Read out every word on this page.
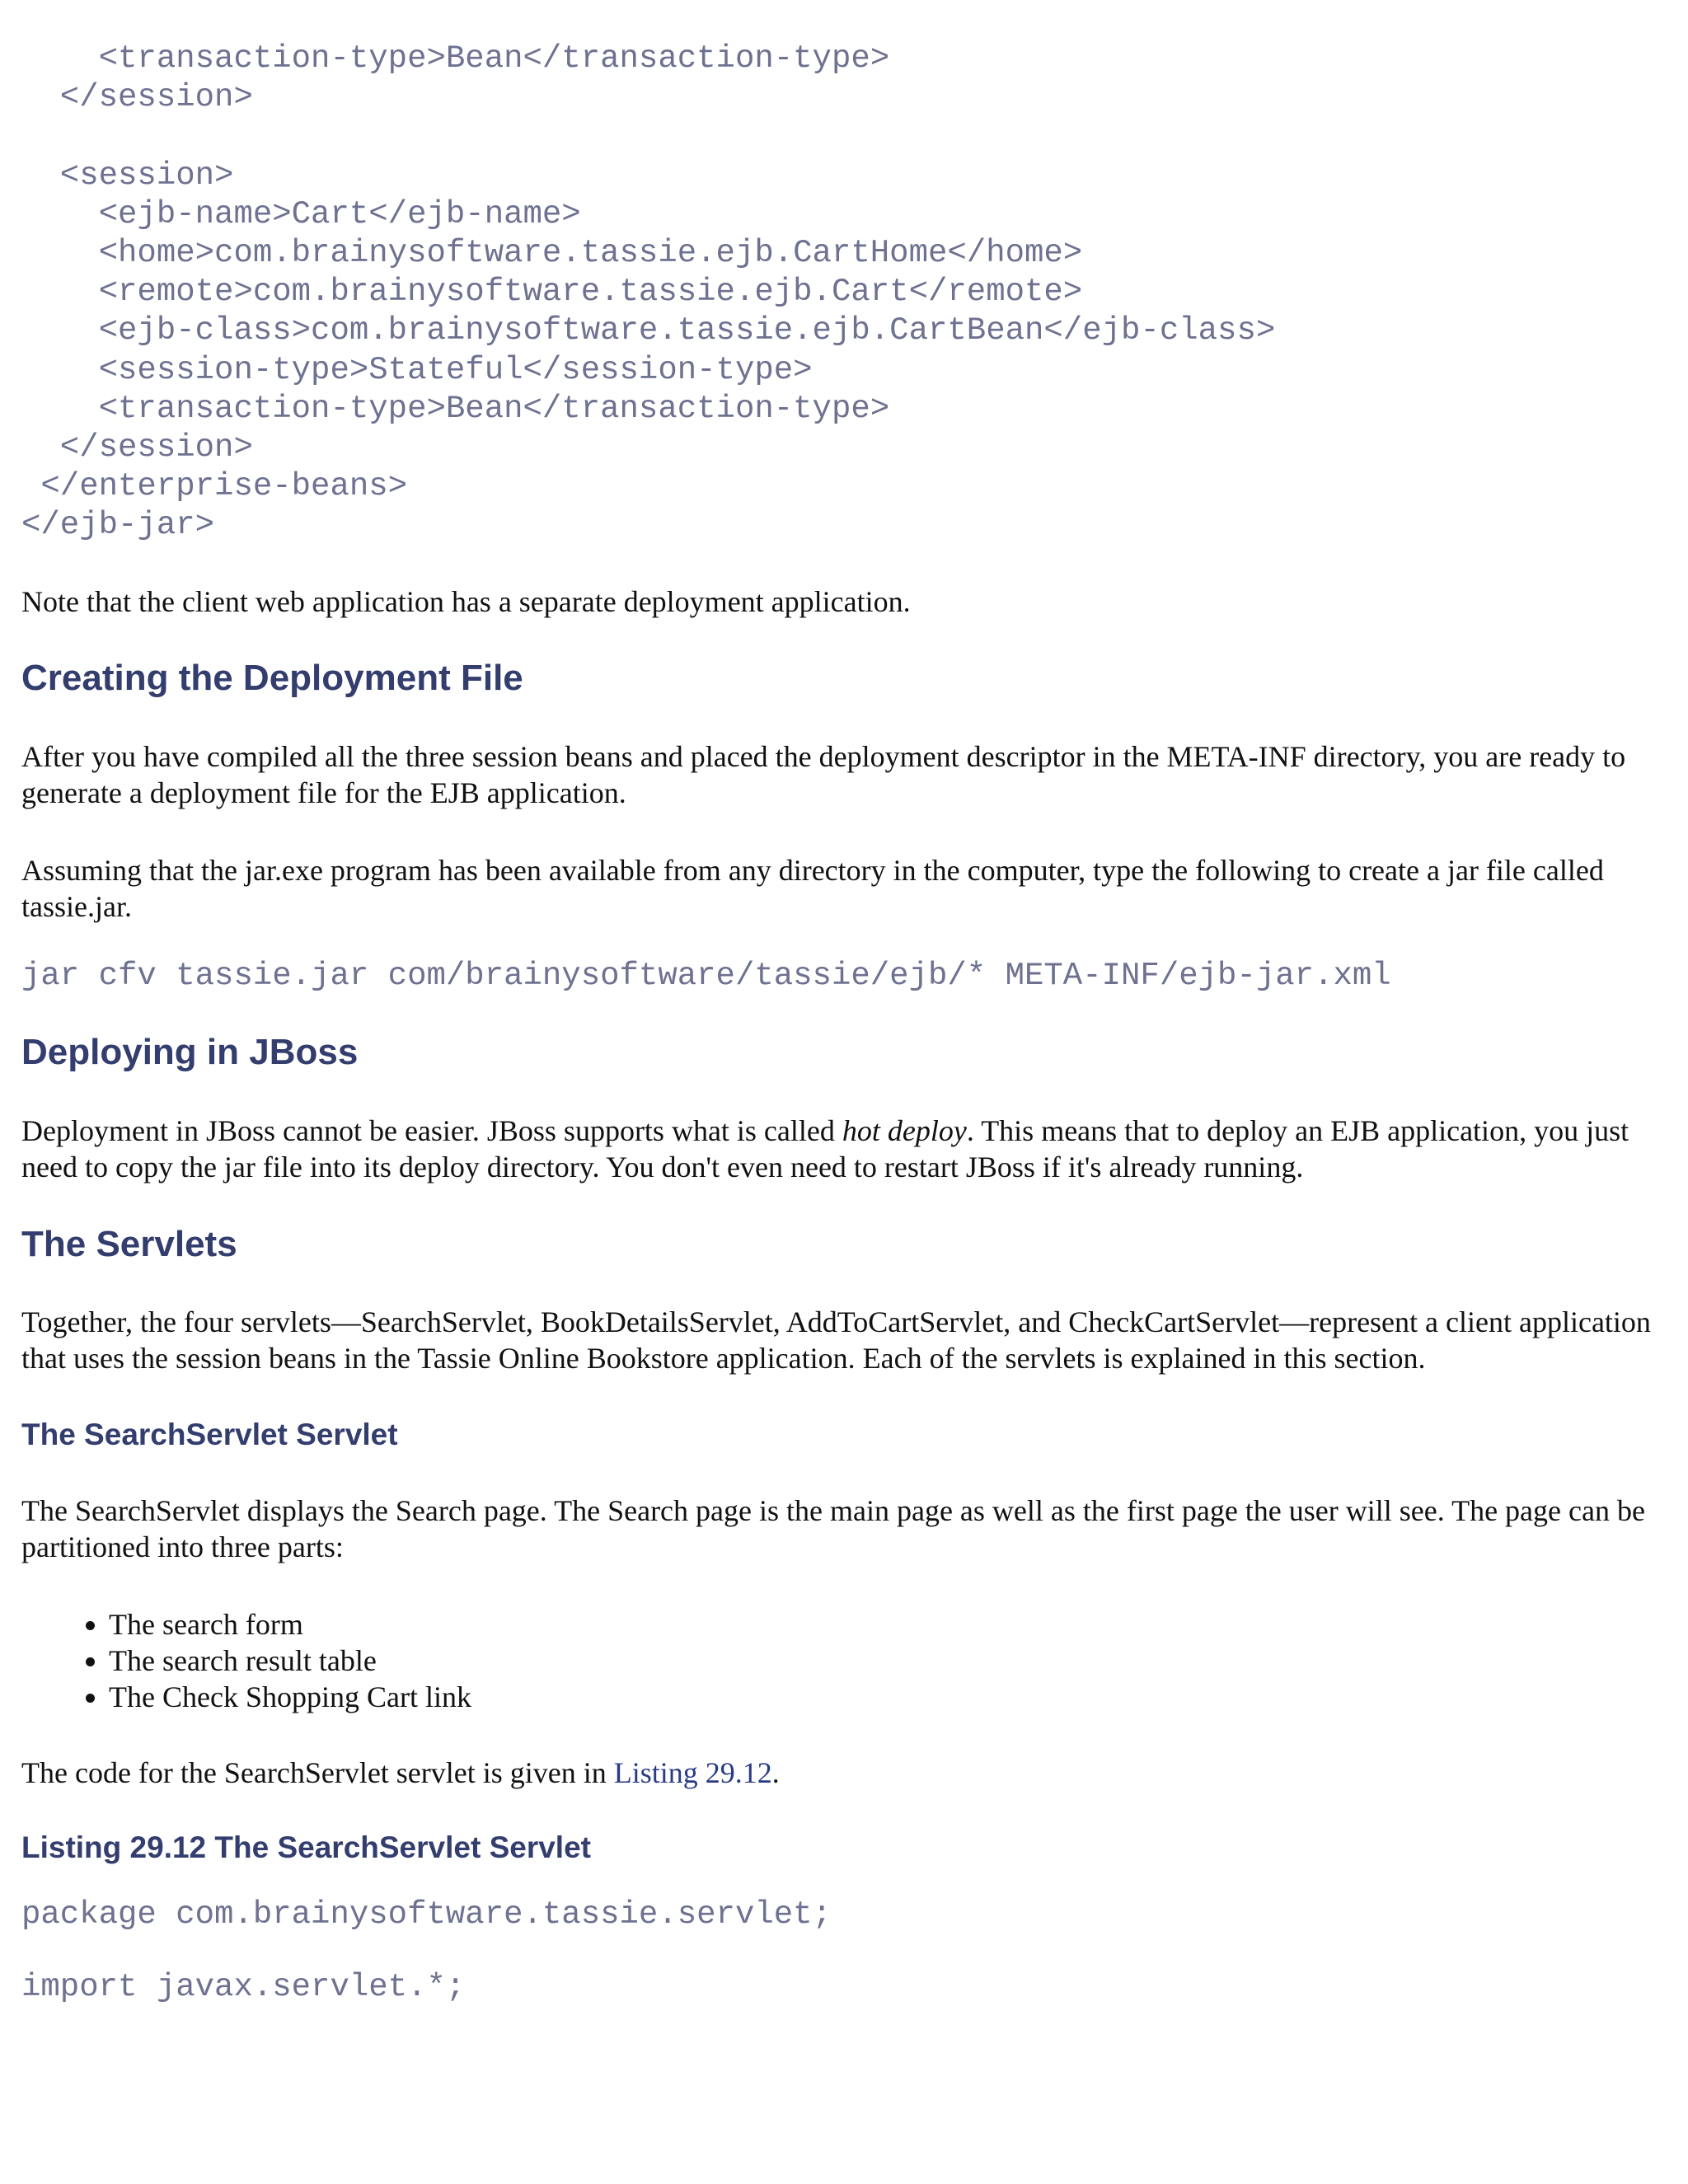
<transaction-type>Bean</transaction-type>
</session>

<session>
<ejb-name>Cart</ejb-name>
<home>com.brainysoftware.tassie.ejb.CartHome</home>
<remote>com.brainysoftware.tassie.ejb.Cart</remote>
<ejb-class>com.brainysoftware.tassie.ejb.CartBean</ejb-class>
<session-type>Stateful</session-type>
<transaction-type>Bean</transaction-type>
</session>
</enterprise-beans>
</ejb-jar>

Note that the client web application has a separate deployment application.

Creating the Deployment File

After you have compiled all the three session beans and placed the deployment descriptor in the META-INF directory, you are ready to generate a deployment file for the EJB application.

Assuming that the jar.exe program has been available from any directory in the computer, type the following to create a jar file called tassie.jar.

jar cfv tassie.jar com/brainysoftware/tassie/ejb/* META-INF/ejb-jar.xml
Deploying in JBoss

Deployment in JBoss cannot be easier. JBoss supports what is called hot deploy. This means that to deploy an EJB application, you just need to copy the jar file into its deploy directory. You don't even need to restart JBoss if it's already running.

The Servlets

Together, the four servlets—SearchServlet, BookDetailsServlet, AddToCartServlet, and CheckCartServlet—represent a client application that uses the session beans in the Tassie Online Bookstore application. Each of the servlets is explained in this section.

The SearchServlet Servlet

The SearchServlet displays the Search page. The Search page is the main page as well as the first page the user will see. The page can be partitioned into three parts:

• The search form
• The search result table
• The Check Shopping Cart link

The code for the SearchServlet servlet is given in Listing 29.12.

Listing 29.12 The SearchServlet Servlet
package com.brainysoftware.tassie.servlet;
import javax.servlet.*;
